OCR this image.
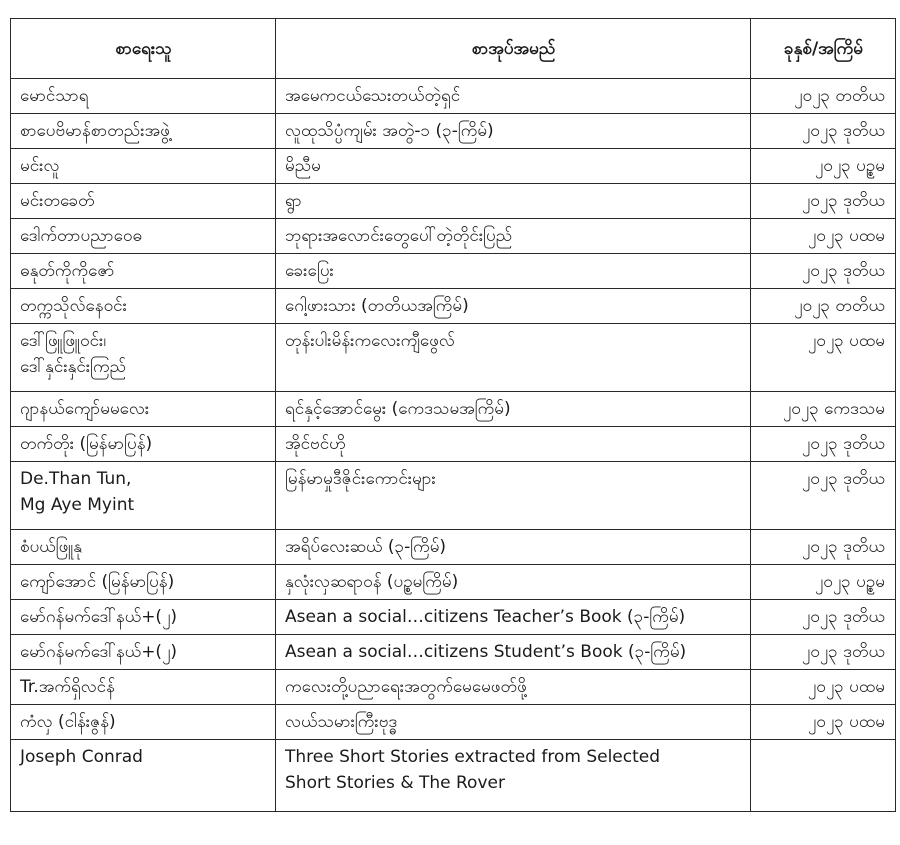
စာရေးသူ	စာအုပ်အမည်	ခုနှစ်/အကြိမ်
မောင်သာရ	အမေကငယ်သေးတယ်တဲ့ရှင်	၂၀၂၃ တတိယ
စာပေဗိမာန်စာတည်းအဖွဲ့	လူထုသိပ္ပံကျမ်း အတွဲ-၁ (၃-ကြိမ်)	၂၀၂၃ ဒုတိယ
မင်းလူ	မိညီမ	၂၀၂၃ ပဥ္စမ
မင်းတခေတ်	ရွာ	၂၀၂၃ ဒုတိယ
ဒေါက်တာပညာဝေဓ	ဘုရားအလောင်းတွေပေါ်တဲ့တိုင်းပြည်	၂၀၂၃ ပထမ
ဓနုတ်ကိုကိုဇော်	ခေးပြေး	၂၀၂၃ ဒုတိယ
တက္ကသိုလ်နေဝင်း	ဂေါ့ဖားသား (တတိယအကြိမ်)	၂၀၂၃ တတိယ
ဒေါ်ဖြူဖြူဝင်း၊
ဒေါ်နှင်းနှင်းကြည်	တုန်းပါးမိန်းကလေးကျီဖွေလ်	၂၀၂၃ ပထမ
ဂျာနယ်ကျော်မမလေး	ရင်နှင့်အောင်မွေး (ကေဒသမအကြိမ်)	၂၀၂၃ ကေဒသမ
တက်တိုး (မြန်မာပြန်)	အိုင်ဗင်ဟို	၂၀၂၃ ဒုတိယ
De.Than Tun,
Mg Aye Myint	မြန်မာမှုဒီဇိုင်းကောင်းများ	၂၀၂၃ ဒုတိယ
စံပယ်ဖြူနု	အရိပ်လေးဆယ် (၃-ကြိမ်)	၂၀၂၃ ဒုတိယ
ကျော်အောင် (မြန်မာပြန်)	နှလုံးလှဆရာဝန် (ပဥ္စမကြိမ်)	၂၀၂၃ ပဥ္စမ
မော်ဂန်မက်ဒေါ်နယ်+(၂)	Asean a social…citizens Teacher’s Book (၃-ကြိမ်)	၂၀၂၃ ဒုတိယ
မော်ဂန်မက်ဒေါ်နယ်+(၂)	Asean a social…citizens Student’s Book (၃-ကြိမ်)	၂၀၂၃ ဒုတိယ
Tr.အက်ရှိလင်န်	ကလေးတို့ပညာရေးအတွက်မေမေဖတ်ဖို့	၂၀၂၃ ပထမ
ကံလှ (ငါန်းဇွန်)	လယ်သမားကြီးဗုဒ္ဓ	၂၀၂၃ ပထမ
Joseph Conrad	Three Short Stories extracted from Selected
Short Stories & The Rover	
